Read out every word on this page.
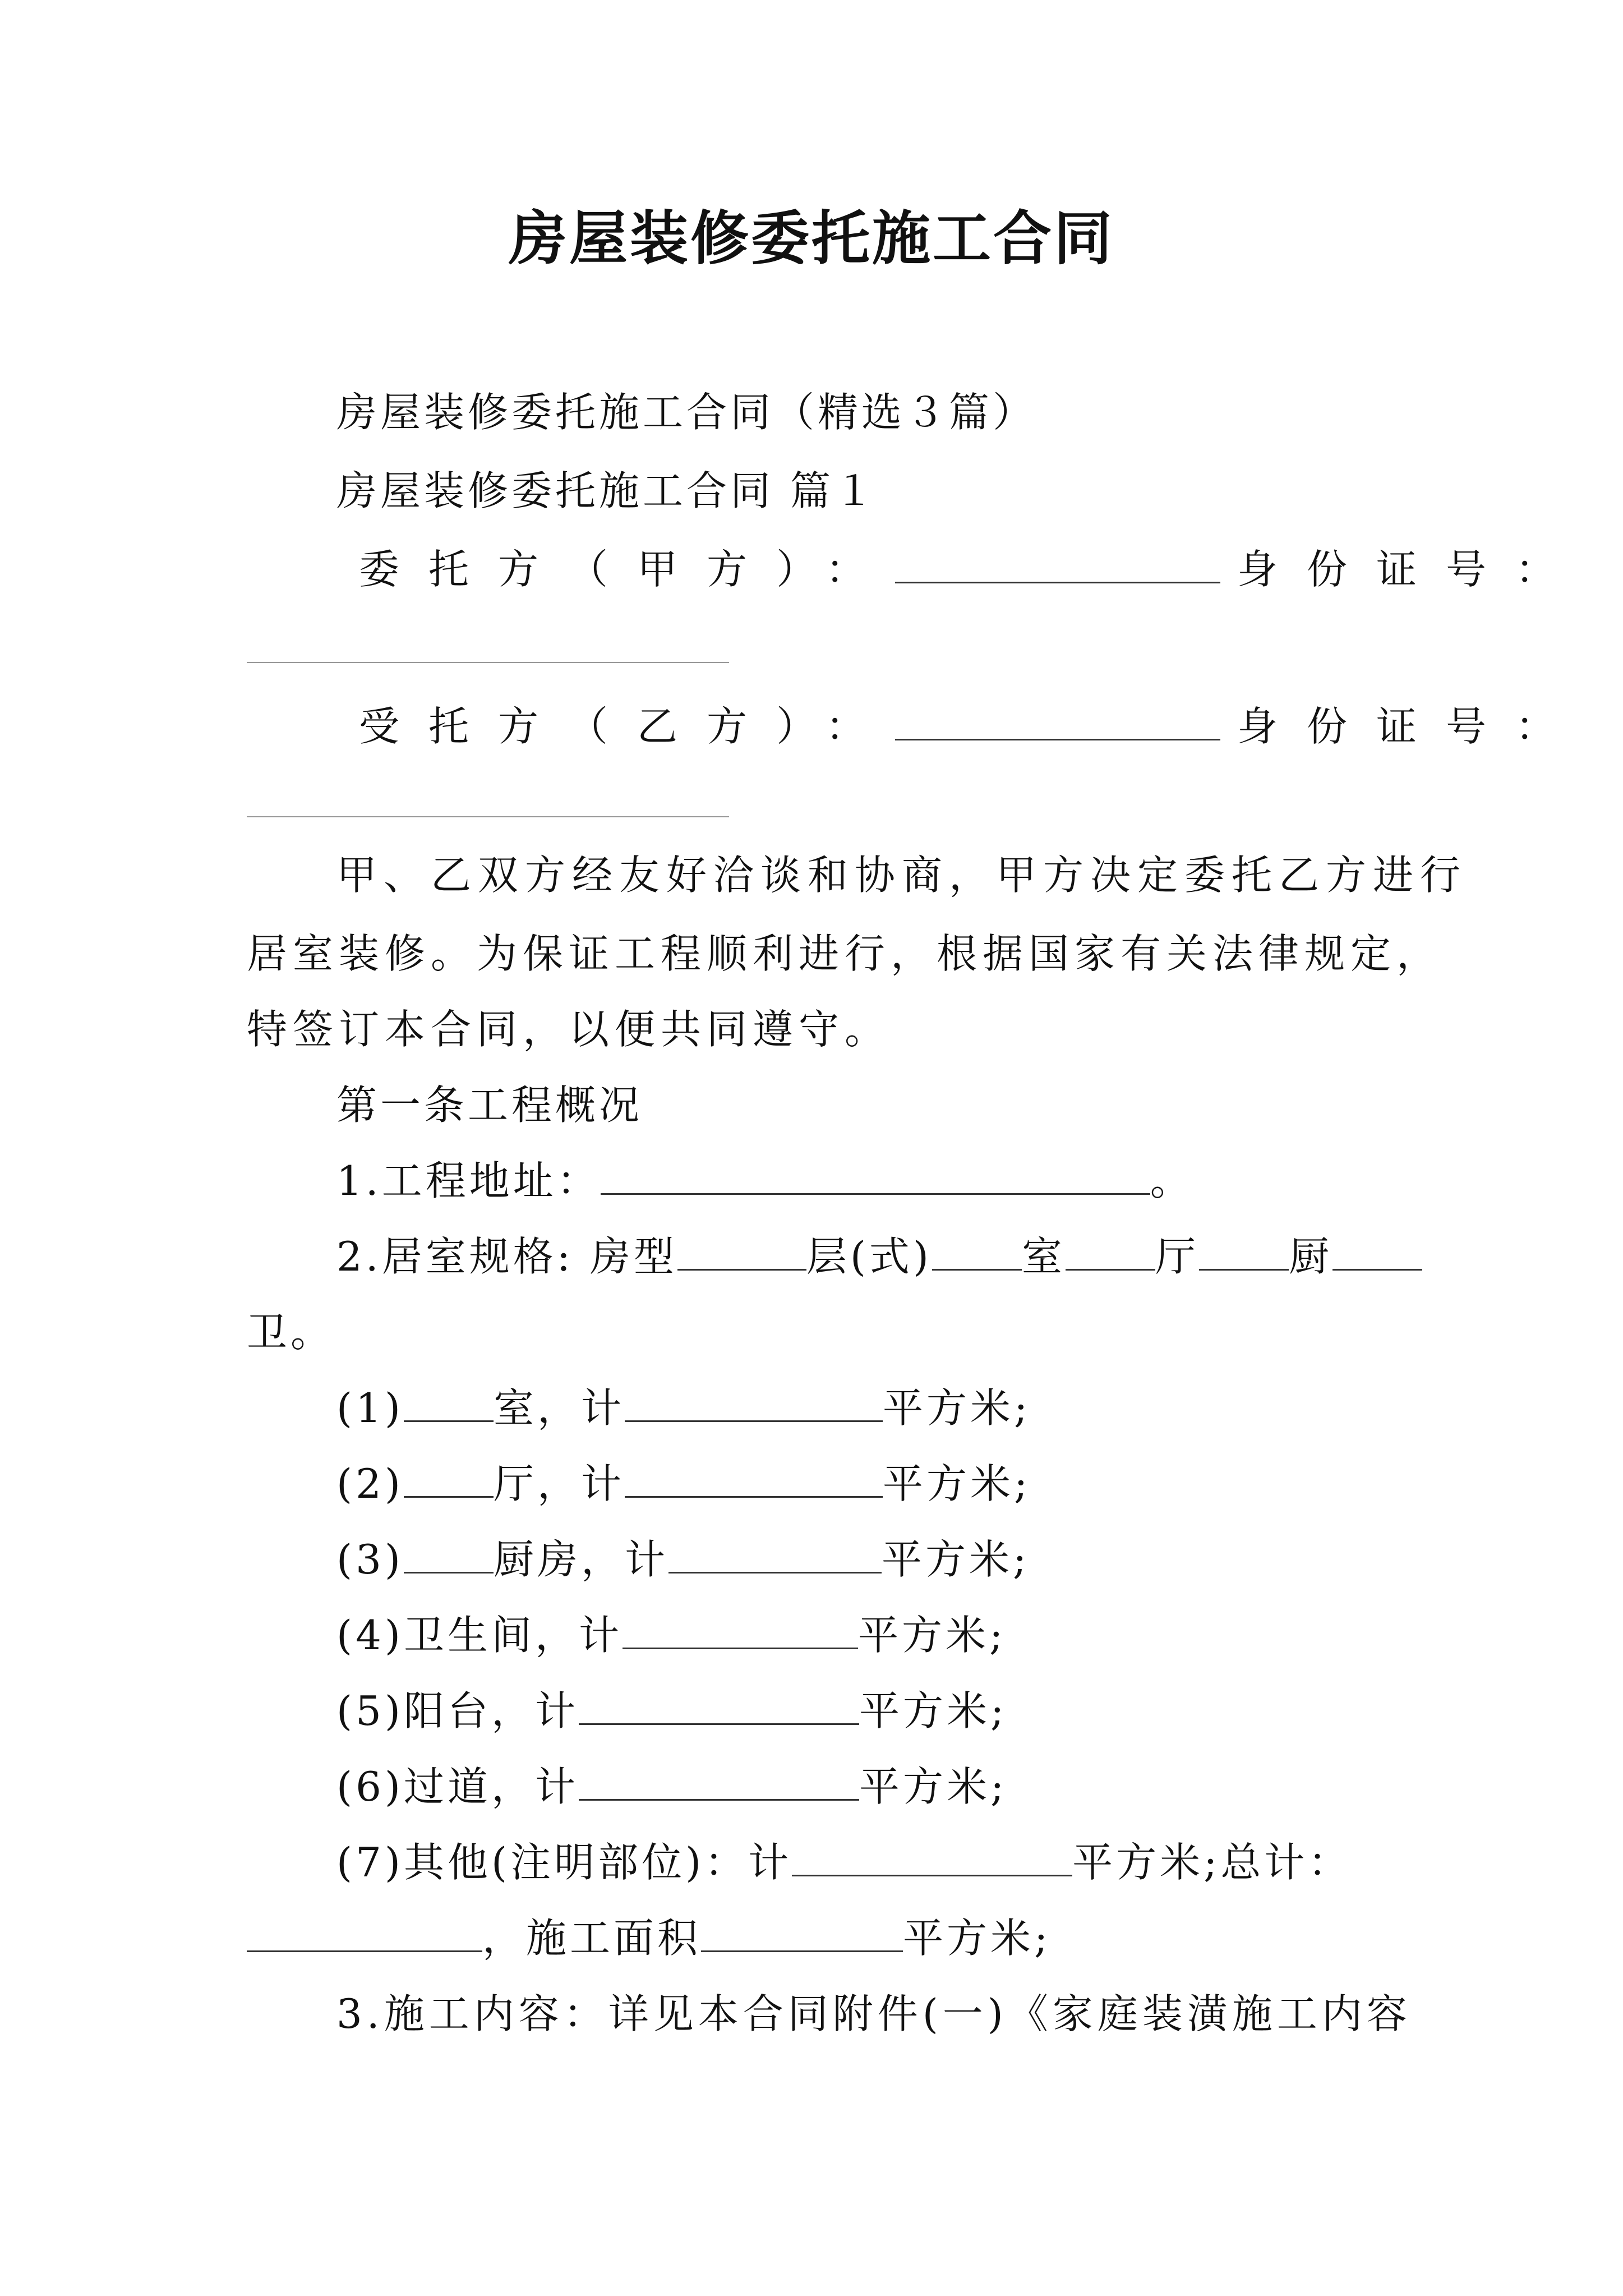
房屋装修委托施工合同
房屋装修委托施工合同（精选３篇）
房屋装修委托施工合同 篇１
委托方（甲方）：	身份证号：
受托方（乙方）：	身份证号：
甲、乙双方经友好洽谈和协商，甲方决定委托乙方进行
居室装修。为保证工程顺利进行，根据国家有关法律规定，
特签订本合同，以便共同遵守。
第一条工程概况
1.工程地址：	。
2.居室规格: 房型	层(式) 室 厅 厨
卫。
(1) 室，计	平方米;
(2) 厅，计	平方米;
(3) 厨房，计	平方米;
(4)卫生间，计	平方米;
(5)阳台，计	平方米;
(6)过道，计	平方米;
(7)其他(注明部位)：计	平方米;总计：
，施工面积	平方米;
3.施工内容：详见本合同附件(一)《家庭装潢施工内容
